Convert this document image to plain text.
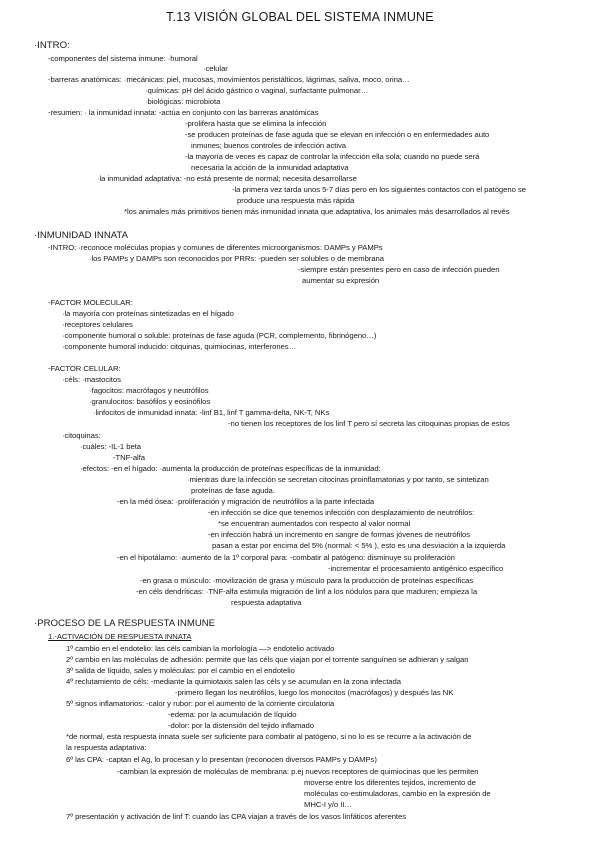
T.13 VISIÓN GLOBAL DEL SISTEMA INMUNE
·INTRO:
-componentes del sistema inmune: ·humoral
·celular
-barreras anatómicas: ·mecánicas: piel, mucosas, movimientos peristálticos, lágrimas, saliva, moco, orina…
·químicas: pH del ácido gástrico o vaginal, surfactante pulmonar…
·biológicas: microbiota
-resumen: · la inmunidad innata: -actúa en conjunto con las barreras anatómicas
-prolifera hasta que se elimina la infección
-se producen proteínas de fase aguda que se elevan en infección o en enfermedades auto
inmunes; buenos controles de infección activa
-la mayoría de veces es capaz de controlar la infección ella sola; cuando no puede será
necesaria la acción de la inmunidad adaptativa
·la inmunidad adaptativa: -no está presente de normal; necesita desarrollarse
-la primera vez tarda unos 5-7 días pero en los siguientes contactos con el patógeno se
produce una respuesta más rápida
*los animales más primitivos tienen más inmunidad innata que adaptativa, los animales más desarrollados al revés
·INMUNIDAD INNATA
-INTRO: ·reconoce moléculas propias y comunes de diferentes microorganismos: DAMPs y PAMPs
·los PAMPs y DAMPs son reconocidos por PRRs: -pueden ser solubles o de membrana
-siempre están presentes pero en caso de infección pueden
aumentar su expresión
-FACTOR MOLECULAR:
·la mayoría con proteínas sintetizadas en el hígado
·receptores celulares
·componente humoral o soluble: proteínas de fase aguda (PCR, complemento, fibrinógeno…)
·componente humoral inducido: citquinas, quimiocinas, interferones…
-FACTOR CELULAR:
·céls: ·mastocitos
·fagocitos: macrófagos y neutrófilos
·granulocitos: basófilos y eosinófilos
·linfocitos de inmunidad innata: -linf B1, linf T gamma-delta, NK-T, NKs
-no tienen los receptores de los linf T pero sí secreta las citoquinas propias de estos
·citoquinas:
·cuáles: -IL-1 beta
-TNF-alfa
·efectos: -en el hígado: ·aumenta la producción de proteínas específicas de la inmunidad:
·mientras dure la infección se secretan citocinas proinflamatorias y por tanto, se sintetizan
proteínas de fase aguda.
-en la méd ósea: ·proliferación y migración de neutrófilos a la parte infectada
-en infección se dice que tenemos infección con desplazamiento de neutrófilos:
*se encuentran aumentados con respecto al valor normal
-en infección habrá un incremento en sangre de formas jóvenes de neutrófilos
pasan a estar por encima del 5% (normal: < 5% ), esto es una desviación a la izquierda
-en el hipotálamo: ·aumento de la 1º corporal para: -combatir al patógeno: disminuye su proliferación
-incrementar el procesamiento antigénico específico
-en grasa o músculo: ·movilización de grasa y músculo para la producción de proteínas específicas
-en céls dendríticas: ·TNF-alfa estimula migración de linf a los nódulos para que maduren; empieza la
respuesta adaptativa
·PROCESO DE LA RESPUESTA INMUNE
1.-ACTIVACIÓN DE RESPUESTA INNATA
1º cambio en el endotelio: las céls cambian la morfología —> endotelio activado
2º cambio en las moléculas de adhesión: permite que las céls que viajan por el torrente sanguíneo se adhieran y salgan
3º salida de líquido, sales y moléculas: por el cambio en el endotelio
4º reclutamiento de céls: -mediante la quimiotaxis salen las céls y se acumulan en la zona infectada
-primero llegan los neutrófilos, luego los monocitos (macrófagos) y después las NK
5º signos inflamatorios: -calor y rubor: por el aumento de la corriente circulatoria
-edema: por la acumulación de líquido
-dolor: por la distensión del tejido inflamado
*de normal, esta respuesta innata suele ser suficiente para combatir al patógeno, si no lo es se recurre a la activación de
la respuesta adaptativa:
6º las CPA: -captan el Ag, lo procesan y lo presentan (reconocen diversos PAMPs y DAMPs)
-cambian la expresión de moléculas de membrana: p.ej nuevos receptores de quimiocinas que les permiten
moverse entre los diferentes tejidos, incremento de
moléculas co-estimuladoras, cambio en la expresión de
MHC-I y/o II…
7º presentación y activación de linf T: cuando las CPA viajan a través de los vasos linfáticos aferentes
